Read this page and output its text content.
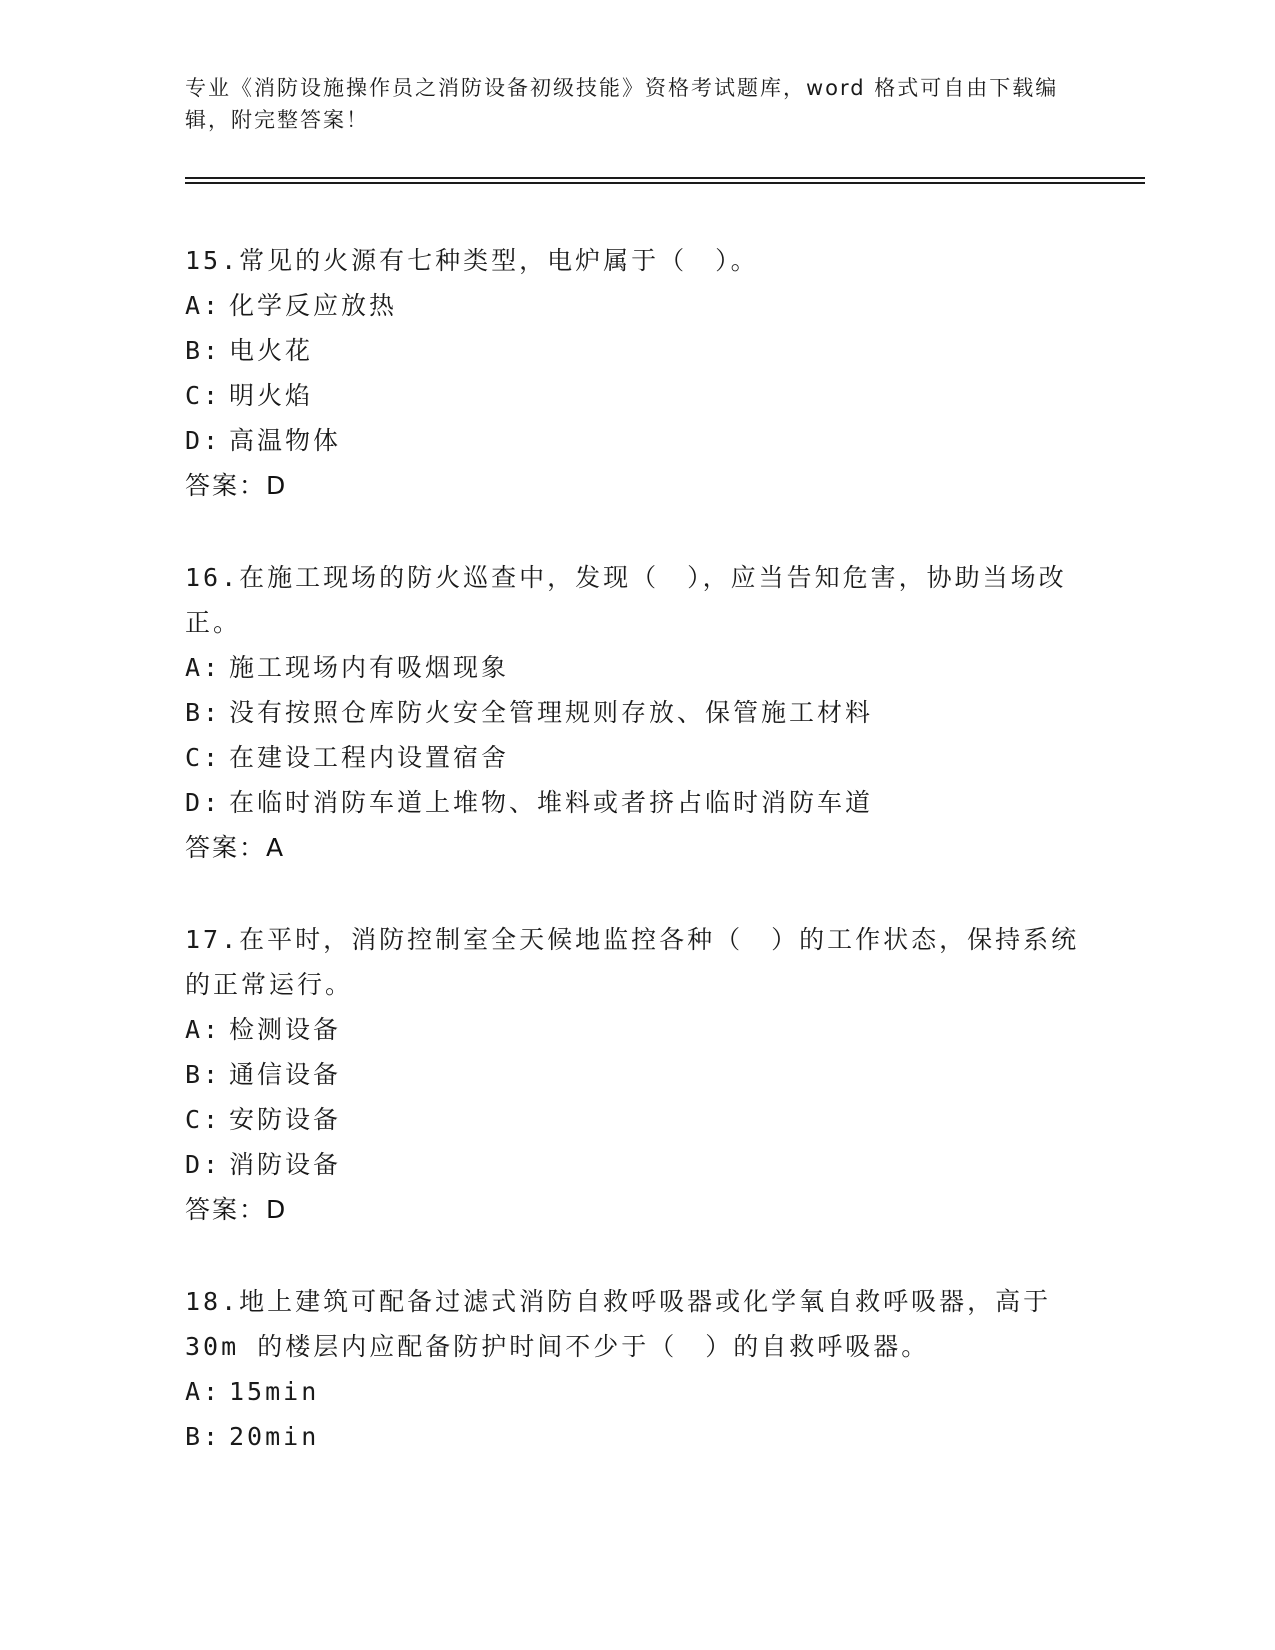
专业《消防设施操作员之消防设备初级技能》资格考试题库，word 格式可自由下载编辑，附完整答案！
15.常见的火源有七种类型，电炉属于（　）。
A: 化学反应放热
B: 电火花
C: 明火焰
D: 高温物体
答案：D
16.在施工现场的防火巡查中，发现（　），应当告知危害，协助当场改正。
A: 施工现场内有吸烟现象
B: 没有按照仓库防火安全管理规则存放、保管施工材料
C: 在建设工程内设置宿舍
D: 在临时消防车道上堆物、堆料或者挤占临时消防车道
答案：A
17.在平时，消防控制室全天候地监控各种（　）的工作状态，保持系统的正常运行。
A: 检测设备
B: 通信设备
C: 安防设备
D: 消防设备
答案：D
18.地上建筑可配备过滤式消防自救呼吸器或化学氧自救呼吸器，高于30m 的楼层内应配备防护时间不少于（　）的自救呼吸器。
A: 15min
B: 20min
